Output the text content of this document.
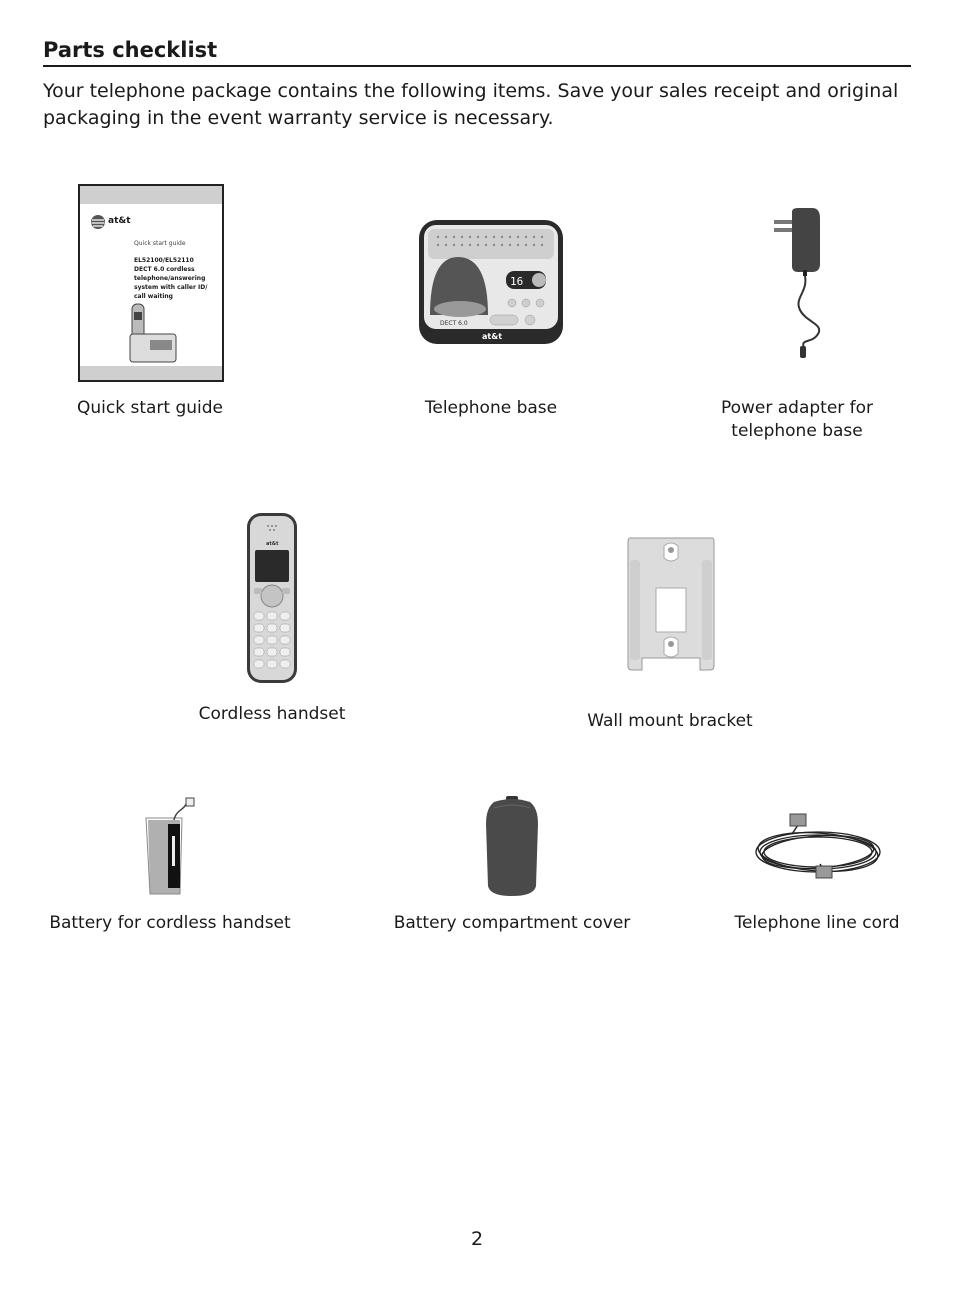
Parts checklist

Your telephone package contains the following items. Save your sales receipt and original packaging in the event warranty service is necessary.

at&t
Quick start guide
EL52100/EL52110
DECT 6.0 cordless
telephone/answering
system with caller ID/
call waiting
Quick start guide
16
DECT 6.0
at&t
Telephone base	Power adapter for telephone base
at&t
Cordless handset	Wall mount bracket
Battery for cordless handset	Battery compartment cover	Telephone line cord
2
